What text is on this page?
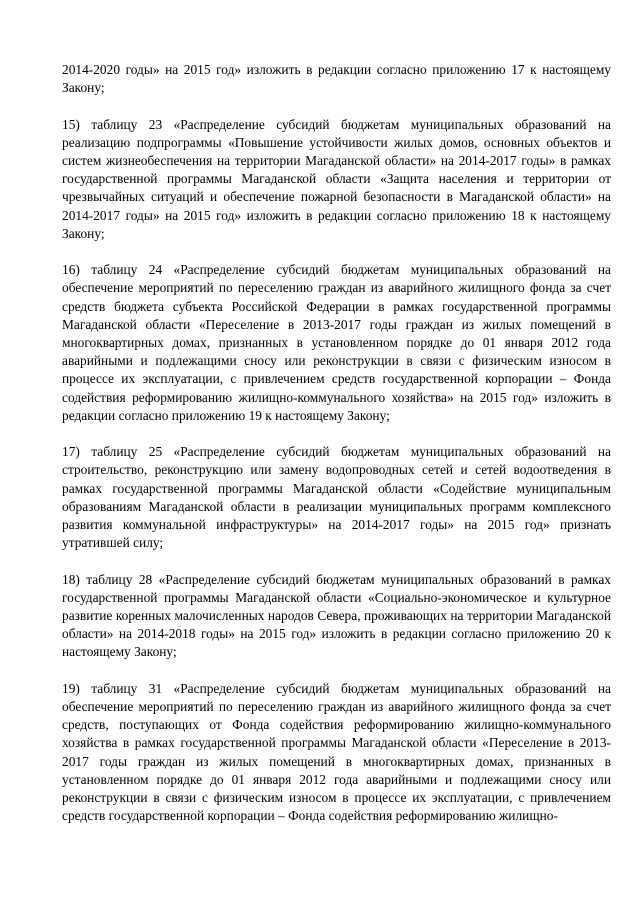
2014-2020 годы» на 2015 год» изложить в редакции согласно приложению 17 к настоящему Закону;

15) таблицу 23 «Распределение субсидий бюджетам муниципальных образований на реализацию подпрограммы «Повышение устойчивости жилых домов, основных объектов и систем жизнеобеспечения на территории Магаданской области» на 2014-2017 годы» в рамках государственной программы Магаданской области «Защита населения и территории от чрезвычайных ситуаций и обеспечение пожарной безопасности в Магаданской области» на 2014-2017 годы» на 2015 год» изложить в редакции согласно приложению 18 к настоящему Закону;

16) таблицу 24 «Распределение субсидий бюджетам муниципальных образований на обеспечение мероприятий по переселению граждан из аварийного жилищного фонда за счет средств бюджета субъекта Российской Федерации в рамках государственной программы Магаданской области «Переселение в 2013-2017 годы граждан из жилых помещений в многоквартирных домах, признанных в установленном порядке до 01 января 2012 года аварийными и подлежащими сносу или реконструкции в связи с физическим износом в процессе их эксплуатации, с привлечением средств государственной корпорации – Фонда содействия реформированию жилищно-коммунального хозяйства» на 2015 год» изложить в редакции согласно приложению 19 к настоящему Закону;

17) таблицу 25 «Распределение субсидий бюджетам муниципальных образований на строительство, реконструкцию или замену водопроводных сетей и сетей водоотведения в рамках государственной программы Магаданской области «Содействие муниципальным образованиям Магаданской области в реализации муниципальных программ комплексного развития коммунальной инфраструктуры» на 2014-2017 годы» на 2015 год» признать утратившей силу;

18) таблицу 28 «Распределение субсидий бюджетам муниципальных образований в рамках государственной программы Магаданской области «Социально-экономическое и культурное развитие коренных малочисленных народов Севера, проживающих на территории Магаданской области» на 2014-2018 годы» на 2015 год» изложить в редакции согласно приложению 20 к настоящему Закону;

19) таблицу 31 «Распределение субсидий бюджетам муниципальных образований на обеспечение мероприятий по переселению граждан из аварийного жилищного фонда за счет средств, поступающих от Фонда содействия реформированию жилищно-коммунального хозяйства в рамках государственной программы Магаданской области «Переселение в 2013-2017 годы граждан из жилых помещений в многоквартирных домах, признанных в установленном порядке до 01 января 2012 года аварийными и подлежащими сносу или реконструкции в связи с физическим износом в процессе их эксплуатации, с привлечением средств государственной корпорации – Фонда содействия реформированию жилищно-
